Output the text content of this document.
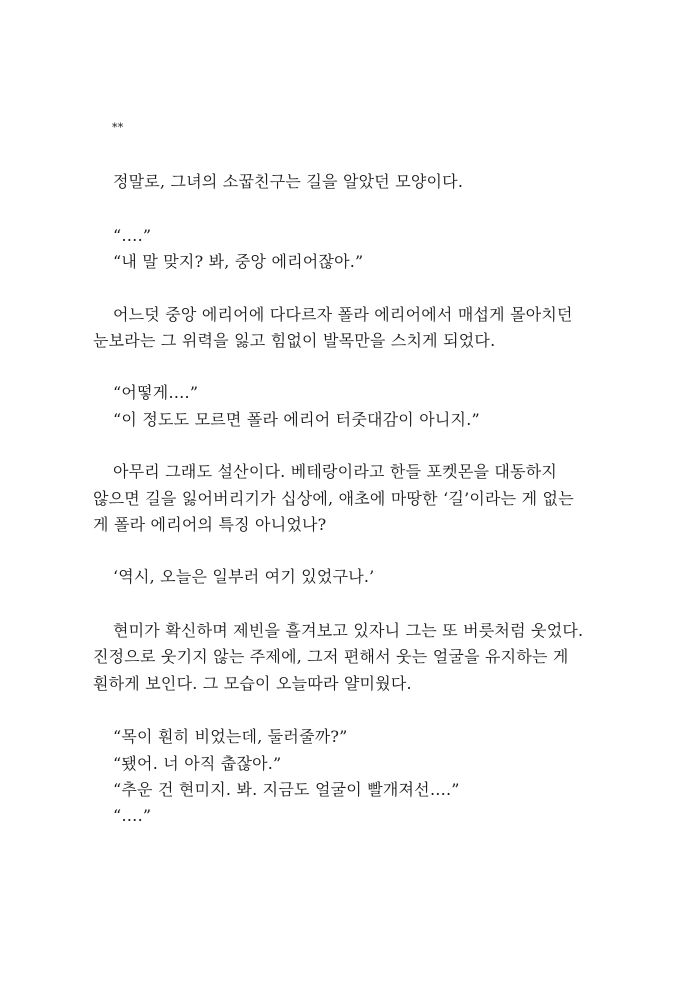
**
정말로, 그녀의 소꿉친구는 길을 알았던 모양이다.
“….”
“내 말 맞지? 봐, 중앙 에리어잖아.”
어느덧 중앙 에리어에 다다르자 폴라 에리어에서 매섭게 몰아치던
눈보라는 그 위력을 잃고 힘없이 발목만을 스치게 되었다.
“어떻게….”
“이 정도도 모르면 폴라 에리어 터줏대감이 아니지.”
아무리 그래도 설산이다. 베테랑이라고 한들 포켓몬을 대동하지
않으면 길을 잃어버리기가 십상에, 애초에 마땅한 ‘길’이라는 게 없는
게 폴라 에리어의 특징 아니었나?
‘역시, 오늘은 일부러 여기 있었구나.’
현미가 확신하며 제빈을 흘겨보고 있자니 그는 또 버릇처럼 웃었다.
진정으로 웃기지 않는 주제에, 그저 편해서 웃는 얼굴을 유지하는 게
훤하게 보인다. 그 모습이 오늘따라 얄미웠다.
“목이 훤히 비었는데, 둘러줄까?”
“됐어. 너 아직 춥잖아.”
“추운 건 현미지. 봐. 지금도 얼굴이 빨개져선….”
“….”
